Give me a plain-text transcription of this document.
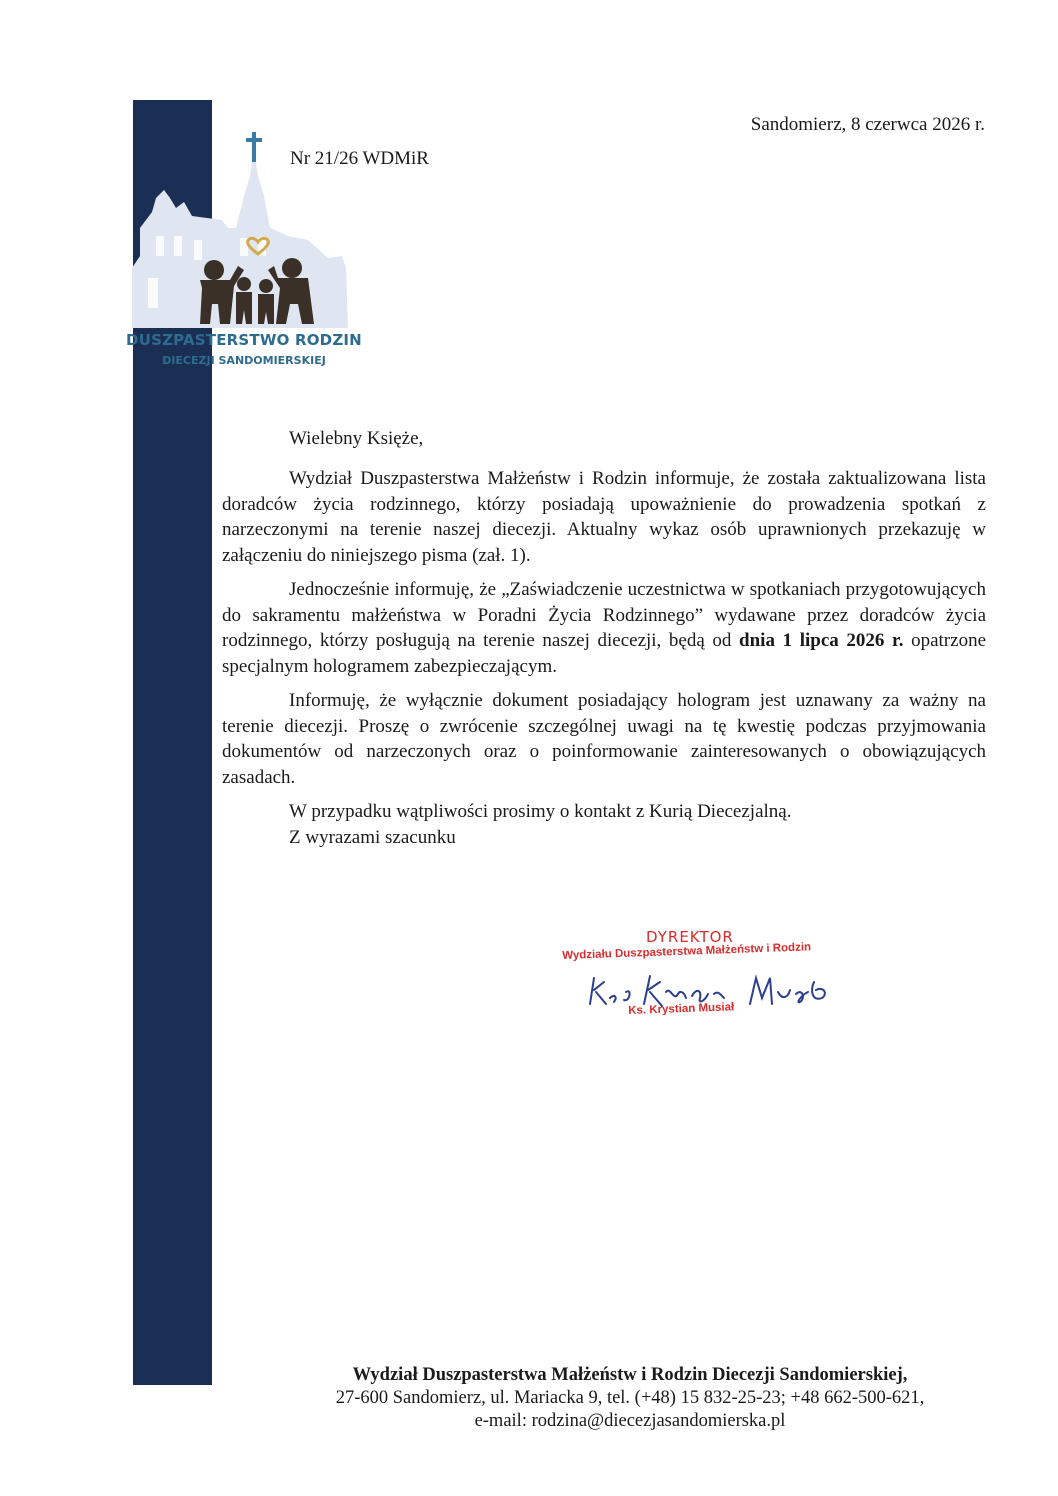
DUSZPASTERSTWO RODZIN
DIECEZJI SANDOMIERSKIEJ
Sandomierz, 8 czerwca 2026 r.
Nr 21/26 WDMiR
Wielebny Księże,

Wydział Duszpasterstwa Małżeństw i Rodzin informuje, że została zaktualizowana lista doradców życia rodzinnego, którzy posiadają upoważnienie do prowadzenia spotkań z narzeczonymi na terenie naszej diecezji. Aktualny wykaz osób uprawnionych przekazuję w załączeniu do niniejszego pisma (zał. 1).

Jednocześnie informuję, że „Zaświadczenie uczestnictwa w spotkaniach przygotowujących do sakramentu małżeństwa w Poradni Życia Rodzinnego” wydawane przez doradców życia rodzinnego, którzy posługują na terenie naszej diecezji, będą od dnia 1 lipca 2026 r. opatrzone specjalnym hologramem zabezpieczającym.

Informuję, że wyłącznie dokument posiadający hologram jest uznawany za ważny na terenie diecezji. Proszę o zwrócenie szczególnej uwagi na tę kwestię podczas przyjmowania dokumentów od narzeczonych oraz o poinformowanie zainteresowanych o obowiązujących zasadach.

W przypadku wątpliwości prosimy o kontakt z Kurią Diecezjalną.

Z wyrazami szacunku
DYREKTOR
Wydziału Duszpasterstwa Małżeństw i Rodzin
Ks. Krystian Musiał
Wydział Duszpasterstwa Małżeństw i Rodzin Diecezji Sandomierskiej,
27-600 Sandomierz, ul. Mariacka 9, tel. (+48) 15 832-25-23; +48 662-500-621,
e-mail: rodzina@diecezjasandomierska.pl
